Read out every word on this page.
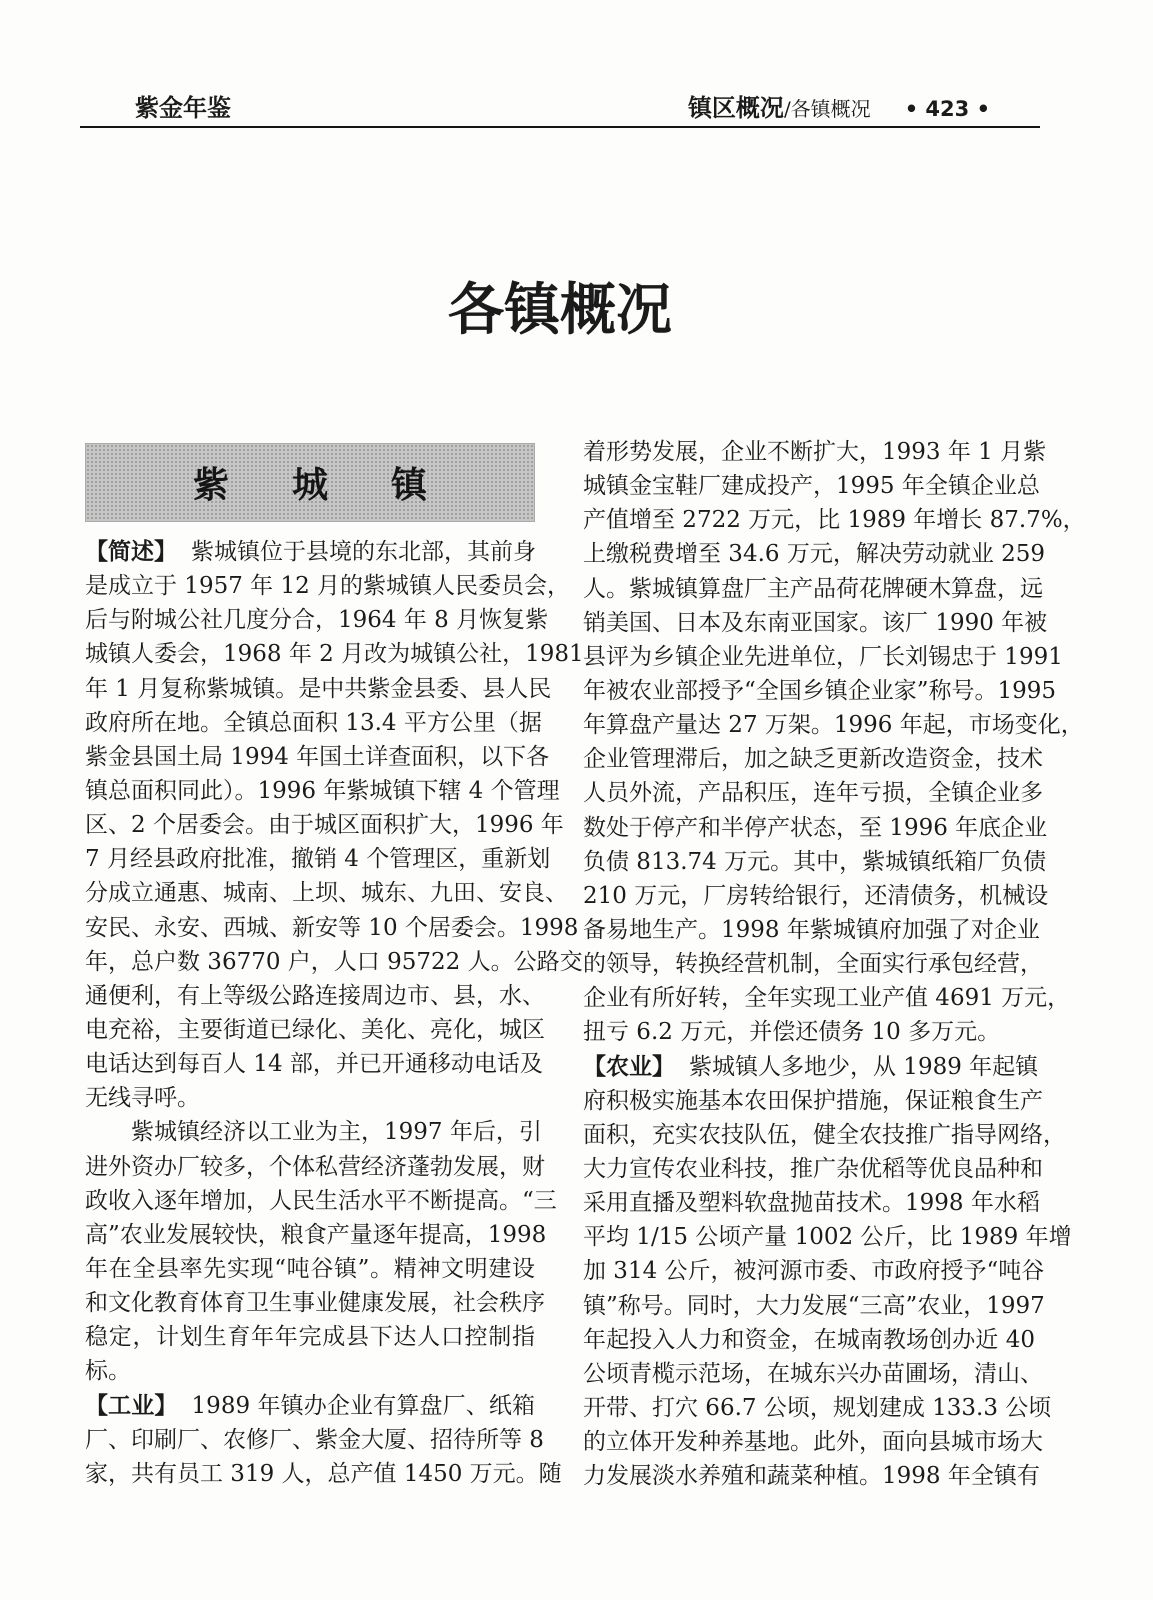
紫金年鉴	镇区概况 /各镇概况 • 423 •
各镇概况
紫城镇
【简述】 紫城镇位于县境的东北部，其前身
是成立于 1957 年 12 月的紫城镇人民委员会，
后与附城公社几度分合，1964 年 8 月恢复紫
城镇人委会，1968 年 2 月改为城镇公社，1981
年 1 月复称紫城镇。是中共紫金县委、县人民
政府所在地。全镇总面积 13.4 平方公里（据
紫金县国土局 1994 年国土详查面积，以下各
镇总面积同此）。1996 年紫城镇下辖 4 个管理
区、2 个居委会。由于城区面积扩大，1996 年
7 月经县政府批准，撤销 4 个管理区，重新划
分成立通惠、城南、上坝、城东、九田、安良、
安民、永安、西城、新安等 10 个居委会。1998
年，总户数 36770 户，人口 95722 人。公路交
通便利，有上等级公路连接周边市、县，水、
电充裕，主要街道已绿化、美化、亮化，城区
电话达到每百人 14 部，并已开通移动电话及
无线寻呼。
紫城镇经济以工业为主，1997 年后，引
进外资办厂较多，个体私营经济蓬勃发展，财
政收入逐年增加，人民生活水平不断提高。“三
高”农业发展较快，粮食产量逐年提高，1998
年在全县率先实现“吨谷镇”。精神文明建设
和文化教育体育卫生事业健康发展，社会秩序
稳定，计划生育年年完成县下达人口控制指
标。
【工业】 1989 年镇办企业有算盘厂、纸箱
厂、印刷厂、农修厂、紫金大厦、招待所等 8
家，共有员工 319 人，总产值 1450 万元。随
着形势发展，企业不断扩大，1993 年 1 月紫
城镇金宝鞋厂建成投产，1995 年全镇企业总
产值增至 2722 万元，比 1989 年增长 87.7%，
上缴税费增至 34.6 万元，解决劳动就业 259
人。紫城镇算盘厂主产品荷花牌硬木算盘，远
销美国、日本及东南亚国家。该厂 1990 年被
县评为乡镇企业先进单位，厂长刘锡忠于 1991
年被农业部授予“全国乡镇企业家”称号。1995
年算盘产量达 27 万架。1996 年起，市场变化，
企业管理滞后，加之缺乏更新改造资金，技术
人员外流，产品积压，连年亏损，全镇企业多
数处于停产和半停产状态，至 1996 年底企业
负债 813.74 万元。其中，紫城镇纸箱厂负债
210 万元，厂房转给银行，还清债务，机械设
备易地生产。1998 年紫城镇府加强了对企业
的领导，转换经营机制，全面实行承包经营，
企业有所好转，全年实现工业产值 4691 万元，
扭亏 6.2 万元，并偿还债务 10 多万元。
【农业】 紫城镇人多地少，从 1989 年起镇
府积极实施基本农田保护措施，保证粮食生产
面积，充实农技队伍，健全农技推广指导网络，
大力宣传农业科技，推广杂优稻等优良品种和
采用直播及塑料软盘抛苗技术。1998 年水稻
平均 1/15 公顷产量 1002 公斤，比 1989 年增
加 314 公斤，被河源市委、市政府授予“吨谷
镇”称号。同时，大力发展“三高”农业，1997
年起投入人力和资金，在城南教场创办近 40
公顷青榄示范场，在城东兴办苗圃场，清山、
开带、打穴 66.7 公顷，规划建成 133.3 公顷
的立体开发种养基地。此外，面向县城市场大
力发展淡水养殖和蔬菜种植。1998 年全镇有
